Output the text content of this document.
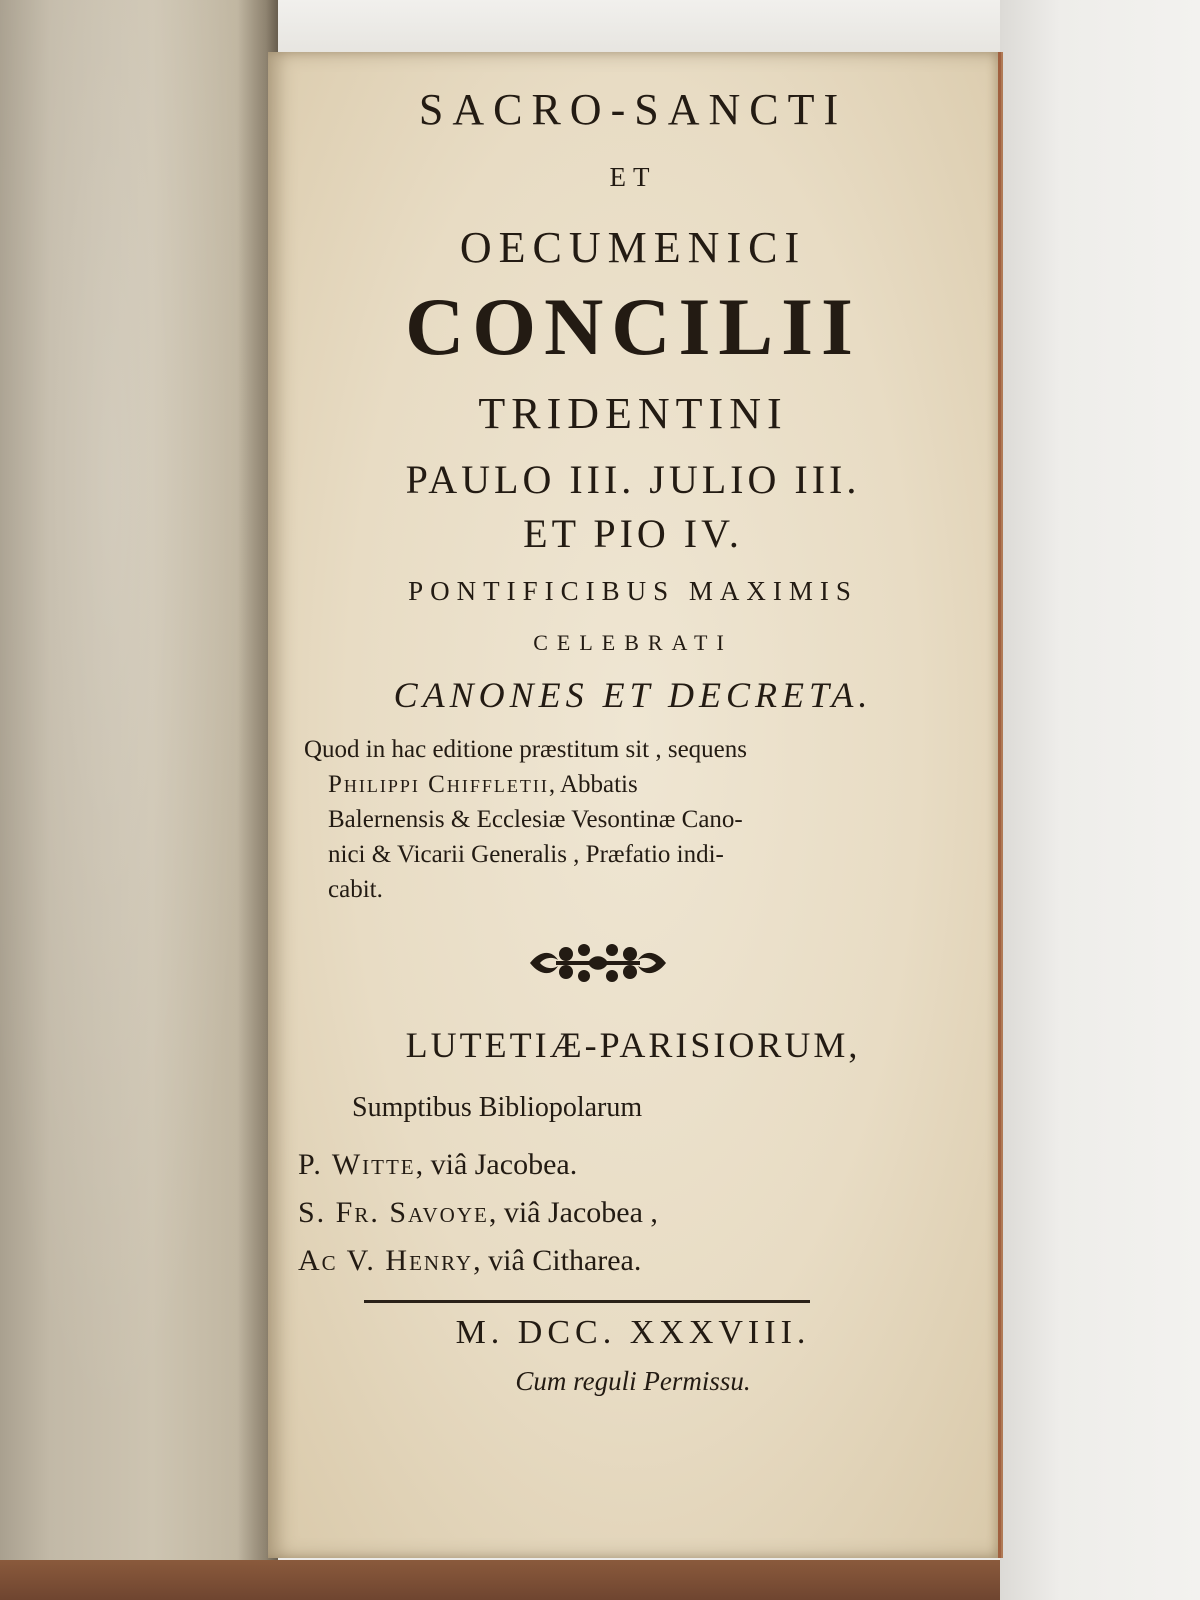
SACRO-SANCTI
ET
OECUMENICI
CONCILII
TRIDENTINI
PAULO III. JULIO III.
ET PIO IV.
PONTIFICIBUS MAXIMIS
CELEBRATI
CANONES ET DECRETA.
Quod in hac editione præstitum sit , sequens
Philippi Chiffletii, Abbatis
Balernensis & Ecclesiæ Vesontinæ Cano-
nici & Vicarii Generalis , Præfatio indi-
cabit.
LUTETIÆ-PARISIORUM,
Sumptibus Bibliopolarum
P. Witte, viâ Jacobea.
S. Fr. Savoye, viâ Jacobea ,
Ac V. Henry, viâ Citharea.
M. DCC. XXXVIII.
Cum reguli Permissu.
